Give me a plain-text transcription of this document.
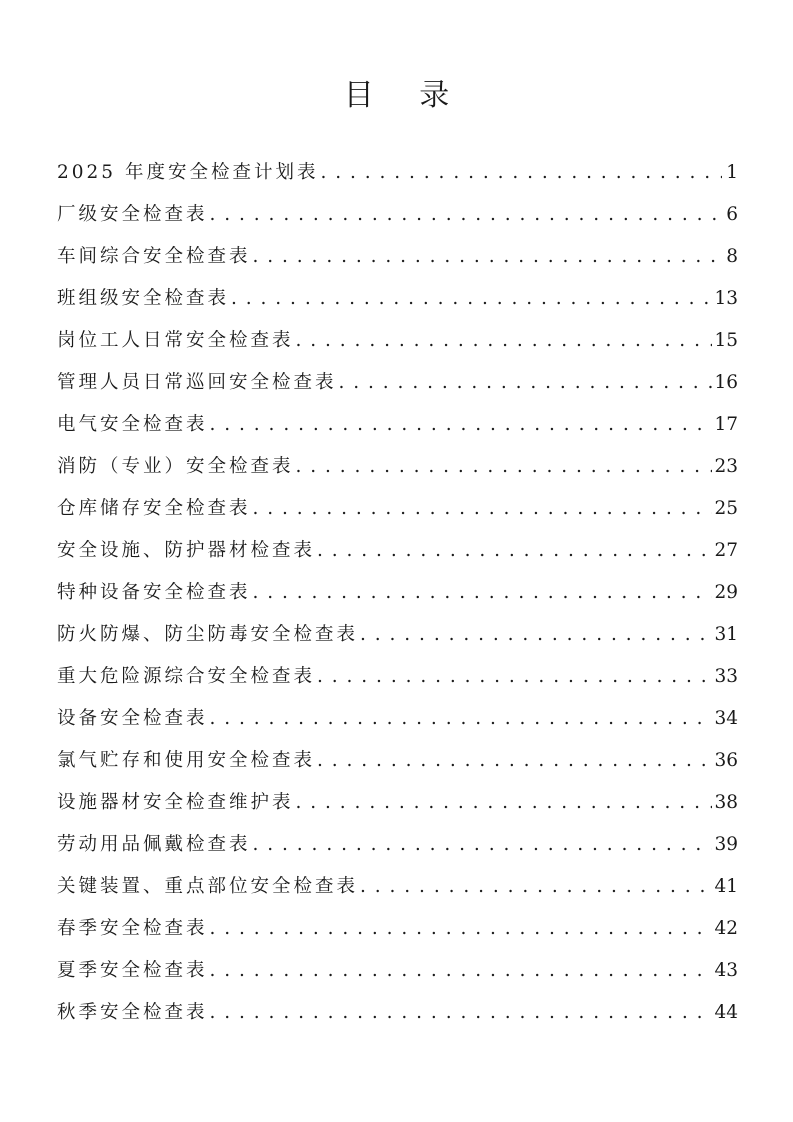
目 录
2025 年度安全检查计划表 . . .	1
厂级安全检查表 . . .	6
车间综合安全检查表 . . .	8
班组级安全检查表 . . .	13
岗位工人日常安全检查表 . . .	15
管理人员日常巡回安全检查表 . . .	16
电气安全检查表 . . .	17
消防（专业）安全检查表 . . .	23
仓库储存安全检查表 . . .	25
安全设施、防护器材检查表 . . .	27
特种设备安全检查表 . . .	29
防火防爆、防尘防毒安全检查表 . . .	31
重大危险源综合安全检查表 . . .	33
设备安全检查表 . . .	34
氯气贮存和使用安全检查表 . . .	36
设施器材安全检查维护表 . . .	38
劳动用品佩戴检查表 . . .	39
关键装置、重点部位安全检查表 . . .	41
春季安全检查表 . . .	42
夏季安全检查表 . . .	43
秋季安全检查表 . . .	44
